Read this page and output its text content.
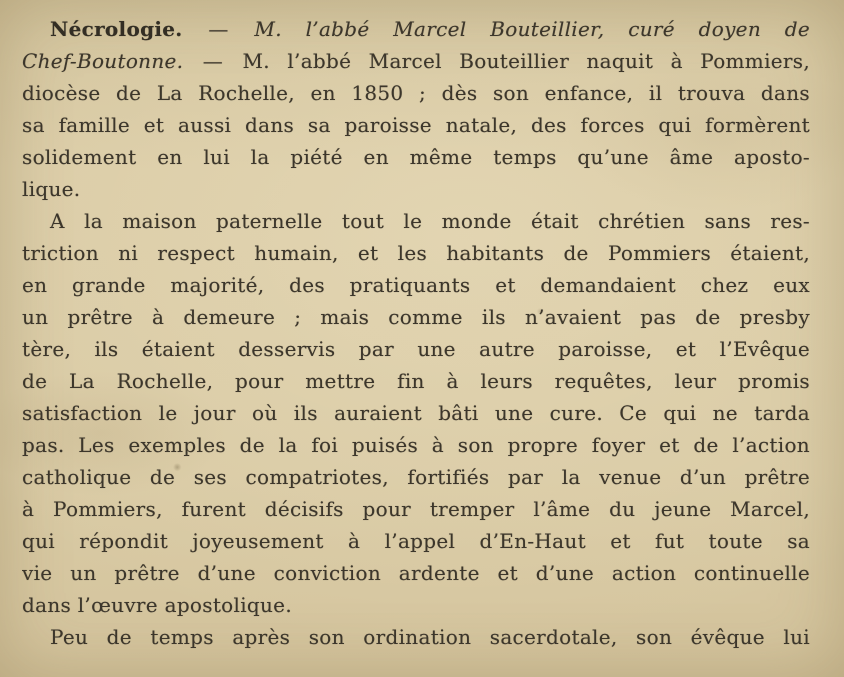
Nécrologie. — M. l’abbé Marcel Bouteillier, curé doyen de
Chef-Boutonne. — M. l’abbé Marcel Bouteillier naquit à Pommiers,
diocèse de La Rochelle, en 1850 ; dès son enfance, il trouva dans
sa famille et aussi dans sa paroisse natale, des forces qui formèrent
solidement en lui la piété en même temps qu’une âme aposto-
lique.
A la maison paternelle tout le monde était chrétien sans res-
triction ni respect humain, et les habitants de Pommiers étaient,
en grande majorité, des pratiquants et demandaient chez eux
un prêtre à demeure ; mais comme ils n’avaient pas de presby
tère, ils étaient desservis par une autre paroisse, et l’Evêque
de La Rochelle, pour mettre fin à leurs requêtes, leur promis
satisfaction le jour où ils auraient bâti une cure. Ce qui ne tarda
pas. Les exemples de la foi puisés à son propre foyer et de l’action
catholique de ses compatriotes, fortifiés par la venue d’un prêtre
à Pommiers, furent décisifs pour tremper l’âme du jeune Marcel,
qui répondit joyeusement à l’appel d’En-Haut et fut toute sa
vie un prêtre d’une conviction ardente et d’une action continuelle
dans l’œuvre apostolique.
Peu de temps après son ordination sacerdotale, son évêque lui
